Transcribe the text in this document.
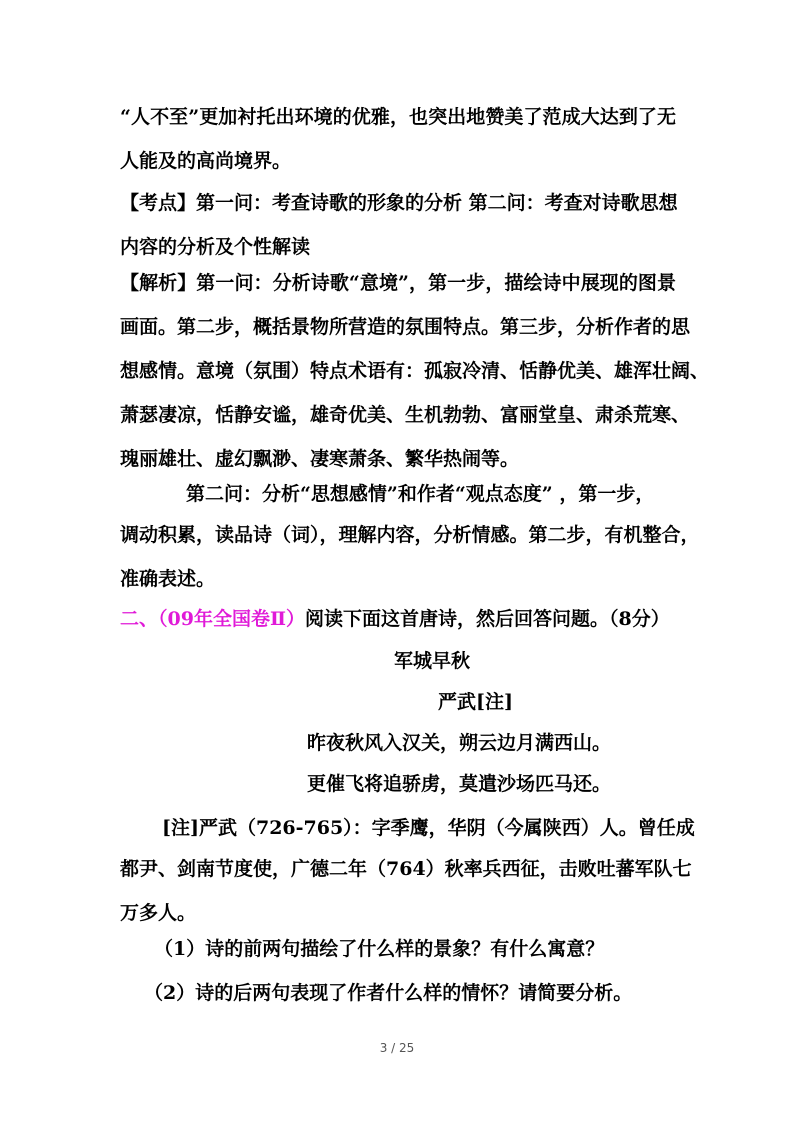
“人不至”更加衬托出环境的优雅，也突出地赞美了范成大达到了无
人能及的高尚境界。
【考点】第一问：考查诗歌的形象的分析 第二问：考查对诗歌思想
内容的分析及个性解读
【解析】第一问：分析诗歌“意境”，第一步，描绘诗中展现的图景
画面。第二步，概括景物所营造的氛围特点。第三步，分析作者的思
想感情。意境（氛围）特点术语有：孤寂冷清、恬静优美、雄浑壮阔、
萧瑟凄凉，恬静安谧，雄奇优美、生机勃勃、富丽堂皇、肃杀荒寒、
瑰丽雄壮、虚幻飘渺、凄寒萧条、繁华热闹等。
第二问：分析“思想感情”和作者“观点态度” ，第一步，
调动积累，读品诗（词），理解内容，分析情感。第二步，有机整合，
准确表述。
二、（09年全国卷Ⅱ）阅读下面这首唐诗，然后回答问题。（8分）
军城早秋
严武[注]
昨夜秋风入汉关，朔云边月满西山。
更催飞将追骄虏，莫遣沙场匹马还。
[注]严武（726-765）：字季鹰，华阴（今属陕西）人。曾任成
都尹、剑南节度使，广德二年（764）秋率兵西征，击败吐蕃军队七
万多人。
（1）诗的前两句描绘了什么样的景象？有什么寓意？
（2）诗的后两句表现了作者什么样的情怀？请简要分析。
3 / 25
